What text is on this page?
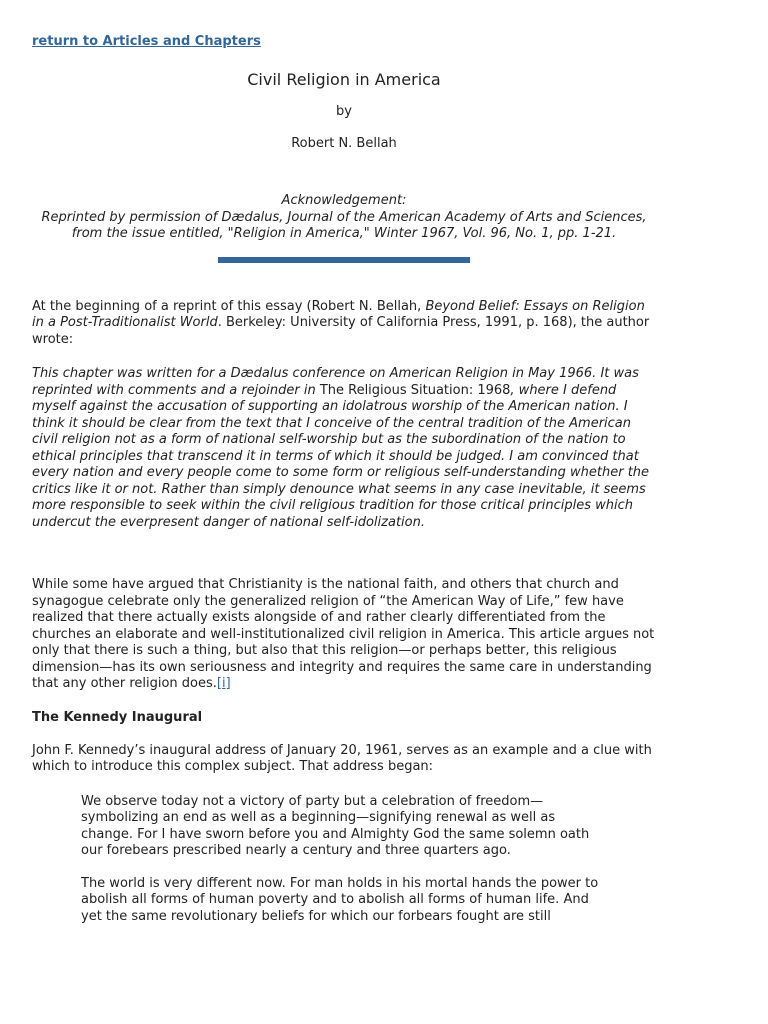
return to Articles and Chapters
Civil Religion in America
by
Robert N. Bellah
Acknowledgement:
Reprinted by permission of Dædalus, Journal of the American Academy of Arts and Sciences, from the issue entitled, "Religion in America," Winter 1967, Vol. 96, No. 1, pp. 1-21.

At the beginning of a reprint of this essay (Robert N. Bellah, Beyond Belief: Essays on Religion in a Post-Traditionalist World. Berkeley: University of California Press, 1991, p. 168), the author wrote:

This chapter was written for a Dædalus conference on American Religion in May 1966. It was reprinted with comments and a rejoinder in The Religious Situation: 1968, where I defend myself against the accusation of supporting an idolatrous worship of the American nation. I think it should be clear from the text that I conceive of the central tradition of the American civil religion not as a form of national self-worship but as the subordination of the nation to ethical principles that transcend it in terms of which it should be judged. I am convinced that every nation and every people come to some form or religious self-understanding whether the critics like it or not. Rather than simply denounce what seems in any case inevitable, it seems more responsible to seek within the civil religious tradition for those critical principles which undercut the everpresent danger of national self-idolization.

While some have argued that Christianity is the national faith, and others that church and synagogue celebrate only the generalized religion of “the American Way of Life,” few have realized that there actually exists alongside of and rather clearly differentiated from the churches an elaborate and well-institutionalized civil religion in America. This article argues not only that there is such a thing, but also that this religion—or perhaps better, this religious dimension—has its own seriousness and integrity and requires the same care in understanding that any other religion does.[i]

The Kennedy Inaugural

John F. Kennedy’s inaugural address of January 20, 1961, serves as an example and a clue with which to introduce this complex subject. That address began:

We observe today not a victory of party but a celebration of freedom—symbolizing an end as well as a beginning—signifying renewal as well as change. For I have sworn before you and Almighty God the same solemn oath our forebears prescribed nearly a century and three quarters ago.

The world is very different now. For man holds in his mortal hands the power to abolish all forms of human poverty and to abolish all forms of human life. And yet the same revolutionary beliefs for which our forbears fought are still
